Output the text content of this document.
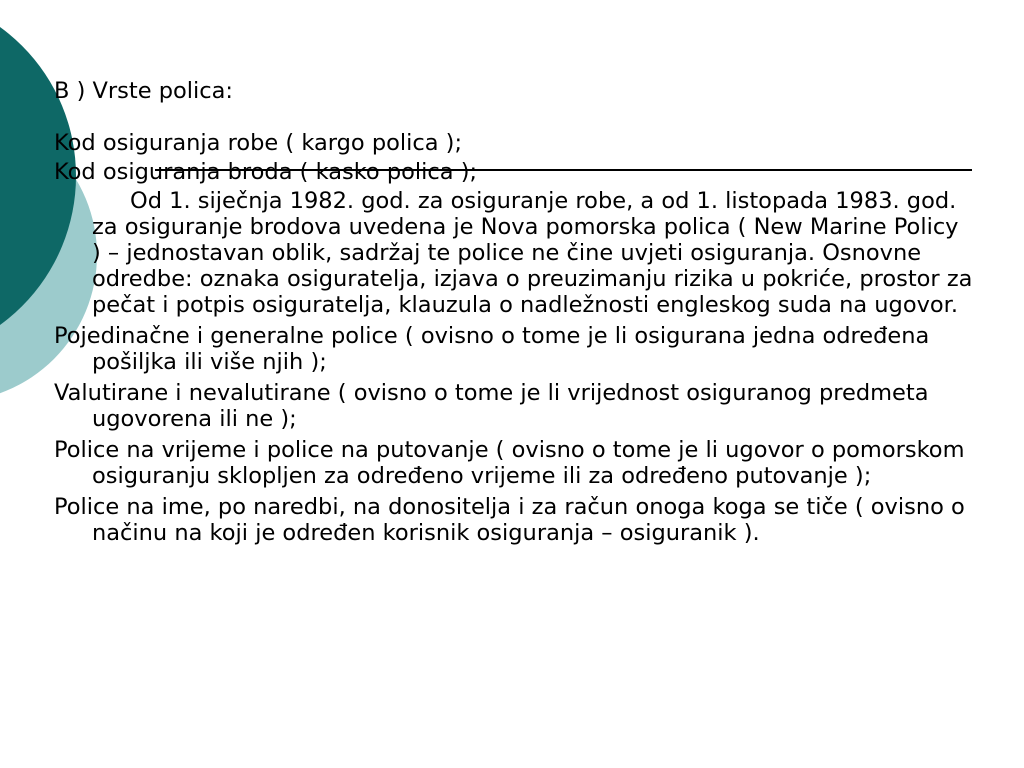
B ) Vrste polica:
Kod osiguranja robe ( kargo polica );
Kod osiguranja broda ( kasko polica );
Od 1. siječnja 1982. god. za osiguranje robe, a od 1. listopada 1983. god. za osiguranje brodova uvedena je Nova pomorska polica ( New Marine Policy ) – jednostavan oblik, sadržaj te police ne čine uvjeti osiguranja. Osnovne odredbe: oznaka osiguratelja, izjava o preuzimanju rizika u pokriće, prostor za pečat i potpis osiguratelja, klauzula o nadležnosti engleskog suda na ugovor.
Pojedinačne i generalne police ( ovisno o tome je li osigurana jedna određena pošiljka ili više njih );
Valutirane i nevalutirane ( ovisno o tome je li vrijednost osiguranog predmeta ugovorena ili ne );
Police na vrijeme i police na putovanje ( ovisno o tome je li ugovor o pomorskom osiguranju sklopljen za određeno vrijeme ili za određeno putovanje );
Police na ime, po naredbi, na donositelja i za račun onoga koga se tiče ( ovisno o načinu na koji je određen korisnik osiguranja – osiguranik ).
